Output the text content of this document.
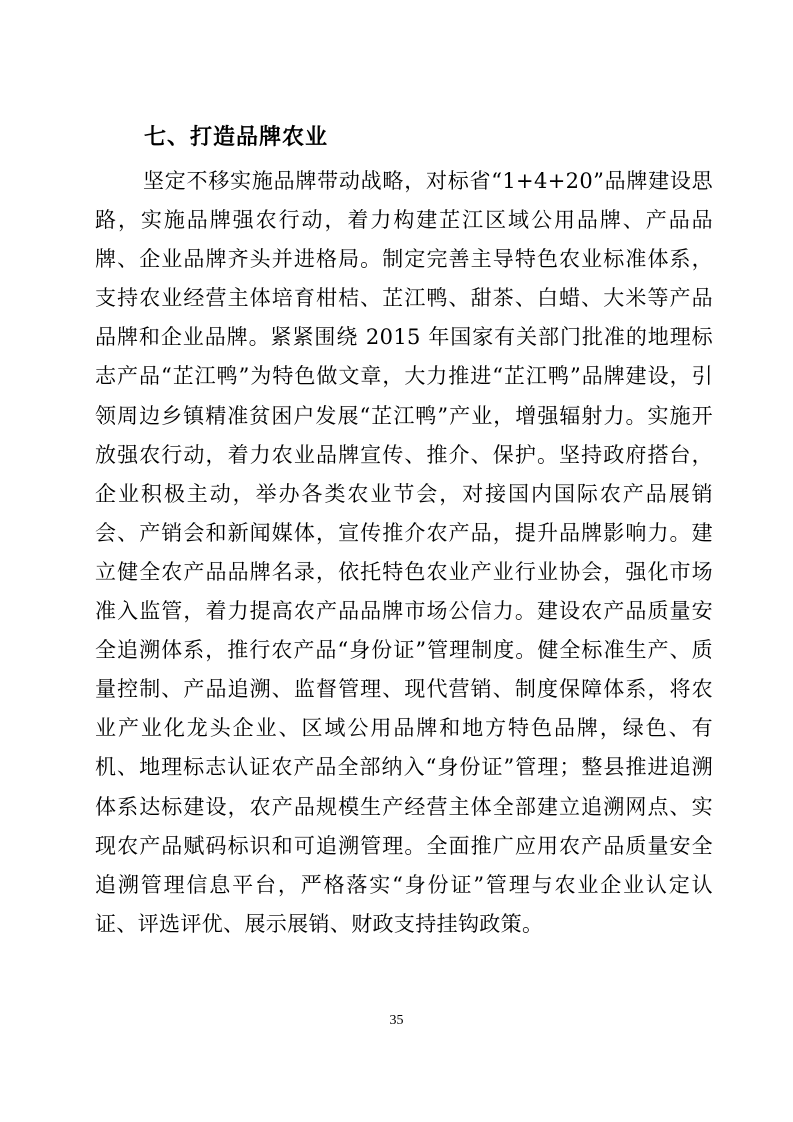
七、打造品牌农业

坚定不移实施品牌带动战略，对标省“1+4+20”品牌建设思路，实施品牌强农行动，着力构建芷江区域公用品牌、产品品牌、企业品牌齐头并进格局。制定完善主导特色农业标准体系，支持农业经营主体培育柑桔、芷江鸭、甜茶、白蜡、大米等产品品牌和企业品牌。紧紧围绕 2015 年国家有关部门批准的地理标志产品“芷江鸭”为特色做文章，大力推进“芷江鸭”品牌建设，引领周边乡镇精准贫困户发展“芷江鸭”产业，增强辐射力。实施开放强农行动，着力农业品牌宣传、推介、保护。坚持政府搭台，企业积极主动，举办各类农业节会，对接国内国际农产品展销会、产销会和新闻媒体，宣传推介农产品，提升品牌影响力。建立健全农产品品牌名录，依托特色农业产业行业协会，强化市场准入监管，着力提高农产品品牌市场公信力。建设农产品质量安全追溯体系，推行农产品“身份证”管理制度。健全标准生产、质量控制、产品追溯、监督管理、现代营销、制度保障体系，将农业产业化龙头企业、区域公用品牌和地方特色品牌，绿色、有机、地理标志认证农产品全部纳入“身份证”管理；整县推进追溯体系达标建设，农产品规模生产经营主体全部建立追溯网点、实现农产品赋码标识和可追溯管理。全面推广应用农产品质量安全追溯管理信息平台，严格落实“身份证”管理与农业企业认定认证、评选评优、展示展销、财政支持挂钩政策。

35
